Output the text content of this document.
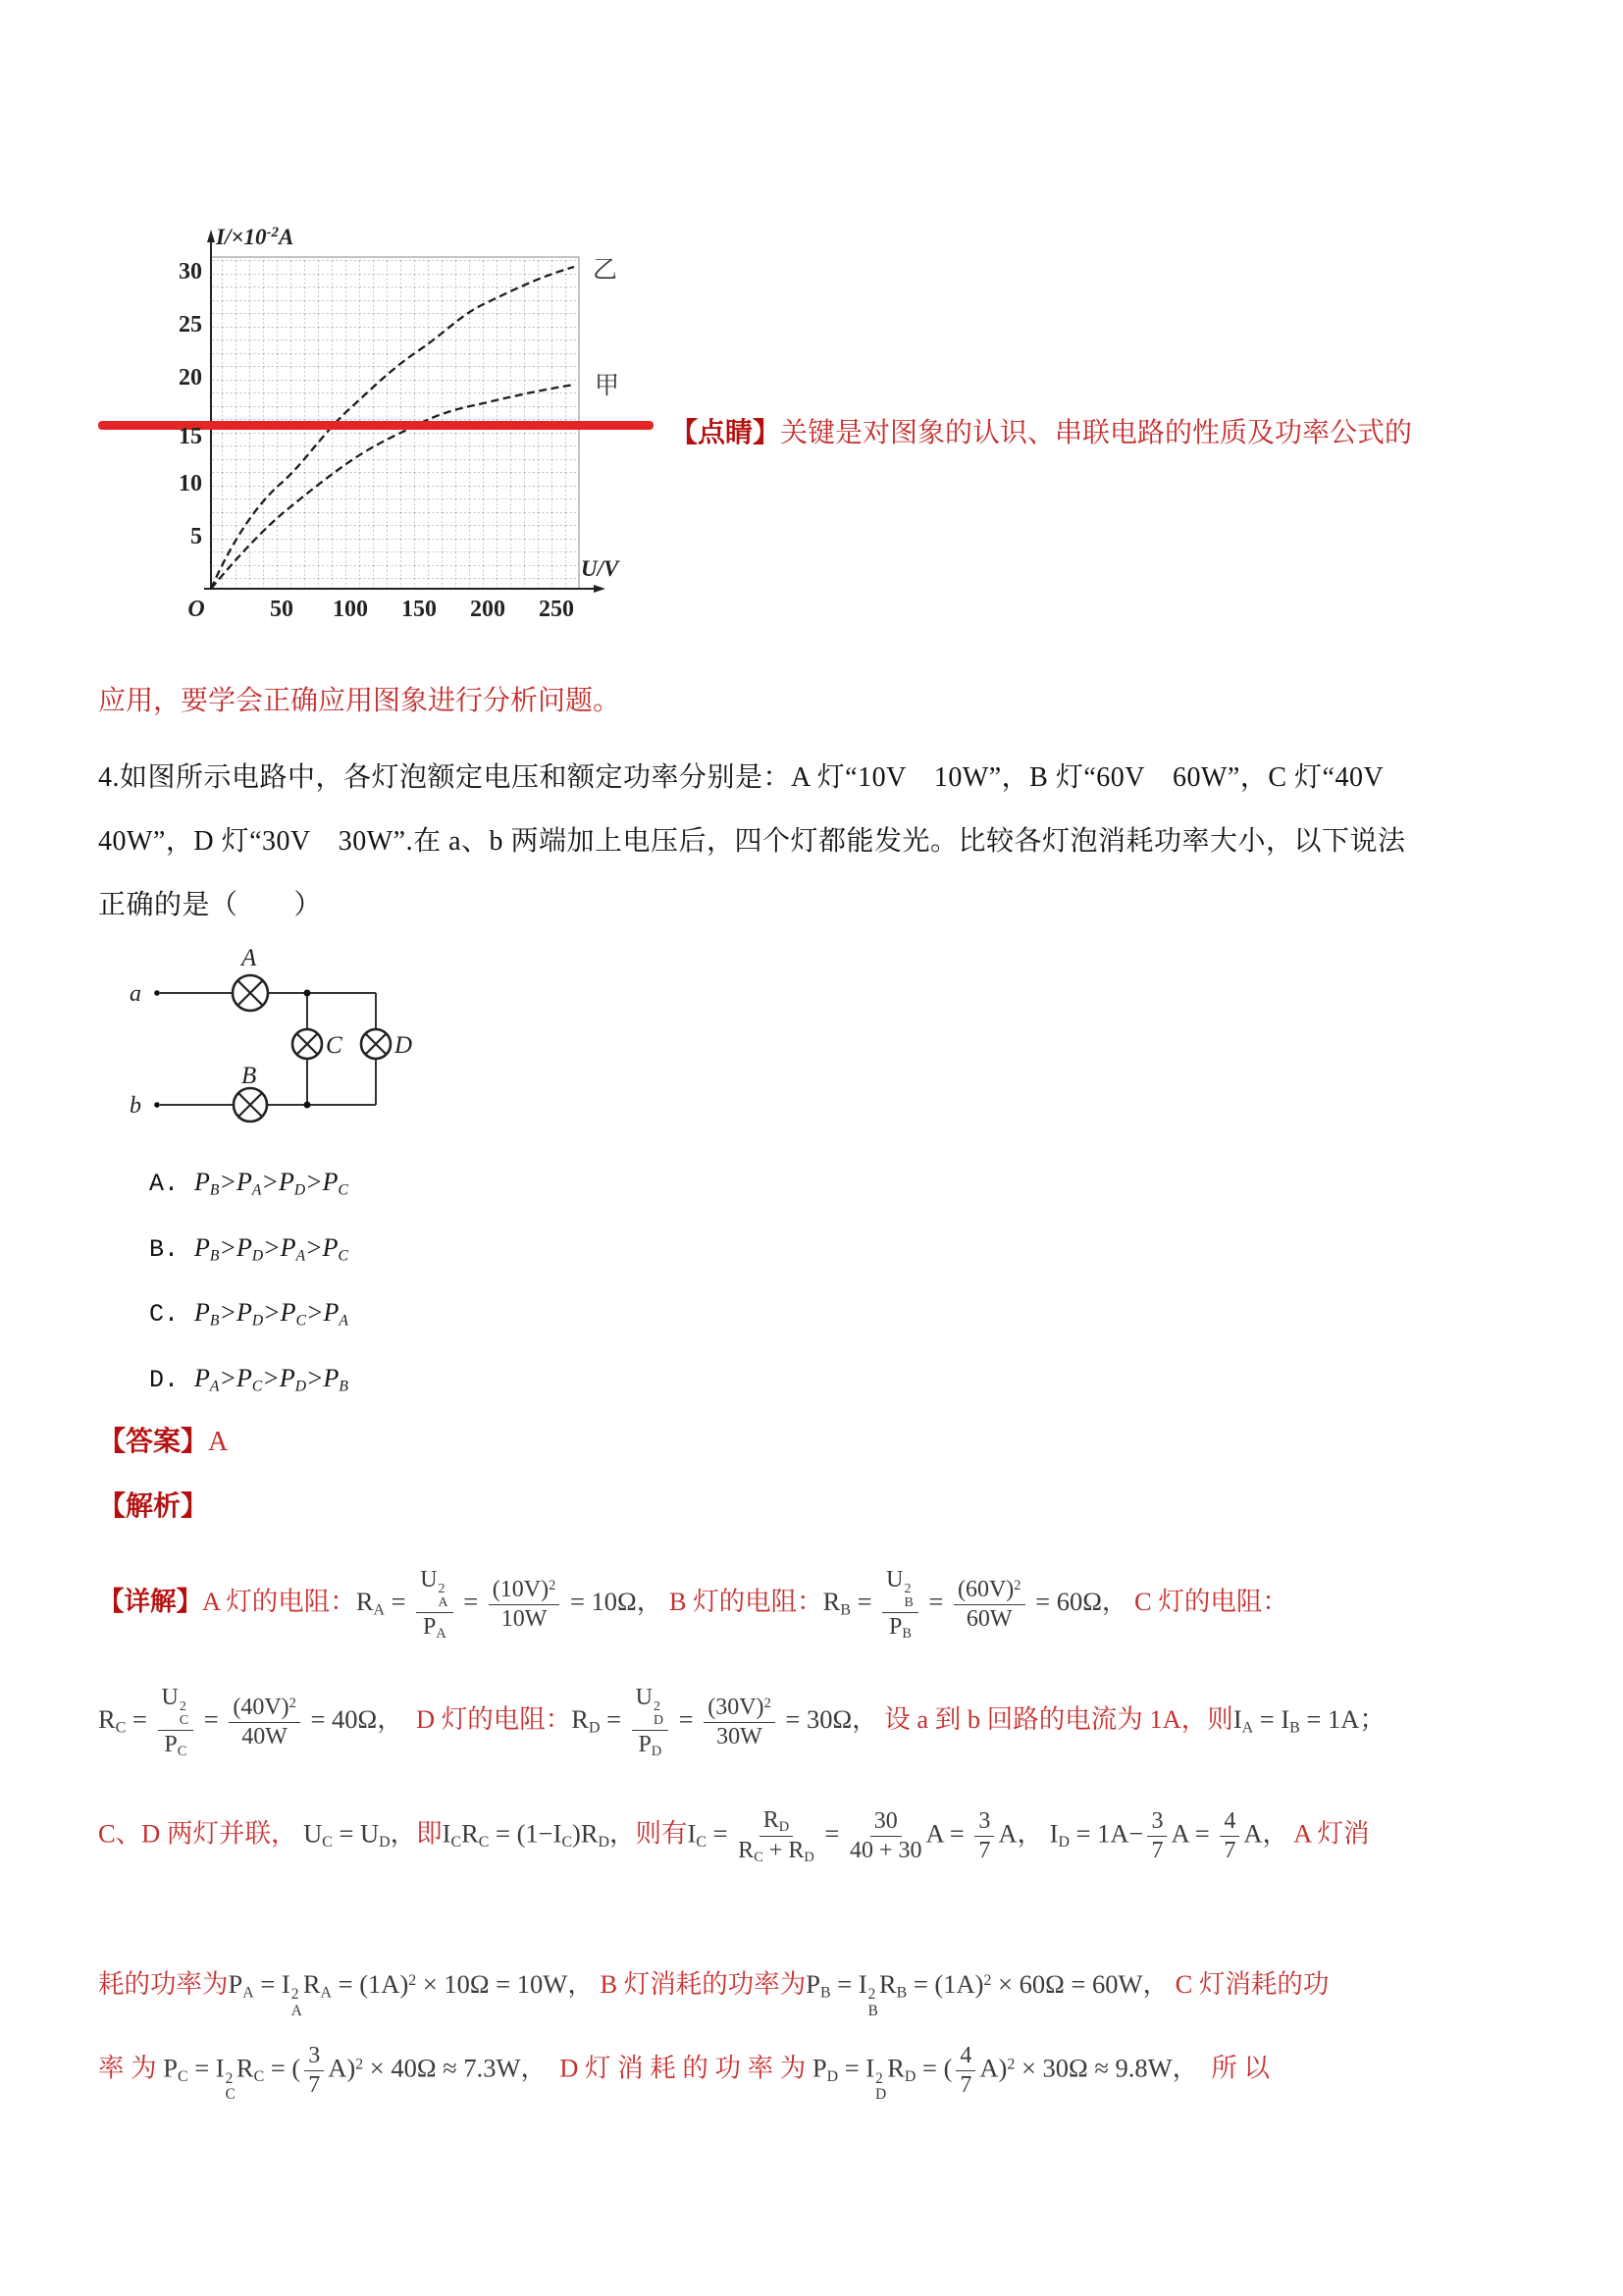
$I/\times 10^{-2}A$
30
25
20
15
10
5
O	50 100 150 200 250
U/V
乙
甲
【点睛】关键是对图象的认识、串联电路的性质及功率公式的
应用，要学会正确应用图象进行分析问题。
4.如图所示电路中，各灯泡额定电压和额定功率分别是：A 灯“10V　10W”，B 灯“60V　60W”，C 灯“40V
40W”，D 灯“30V　30W”.在 a、b 两端加上电压后，四个灯都能发光。比较各灯泡消耗功率大小，以下说法
正确的是（　　）
a
b
A
B
C D
A. PB>PA>PD>PC
B. PB>PD>PA>PC
C. PB>PD>PC>PA
D. PA>PC>PD>PB
【答案】A
【解析】
【详解】A 灯的电阻：RA = U 2
A
PA = $\frac{(10V)^2}{10W} = 10\Omega$， B 灯的电阻：RB = U 2
B
PB = $\frac{(60V)^2}{60W} = 60\Omega$， C 灯的电阻：
RC = U 2
C
PC = $\frac{(40V)^2}{40W} = 40\Omega$，  D 灯的电阻：RD = U 2
D
PD = $\frac{(30V)^2}{30W} = 30\Omega$， 设 a 到 b 回路的电流为 1A，则IA = IB = 1A；
C、D 两灯并联， UC = UD，即ICRC = (1−IC)RD，则有IC = $\frac{RD}{RC + RD} = \frac{30}{40 + 30}$ $A = \frac{3}{7}$ A， ID = $1A- \frac{3}{7}$ $A = \frac{4}{7}$ A， A 灯消
耗的功率为PA = I 2
A
RA = $(1A)^2 \times 10\Omega = 10W$， B 灯消耗的功率为PB = I 2
B
RB = $(1A)^2 \times 60\Omega = 60W$， C 灯消耗的功
率 为 PC = I 2
C
RC = ( $\frac{3}{7} A)^2 \times 40\Omega \approx 7.3W$，  D 灯 消 耗 的 功 率 为 PD = I 2
D
RD = ( $\frac{4}{7} A)^2 \times 30\Omega \approx 9.8W$，  所 以
